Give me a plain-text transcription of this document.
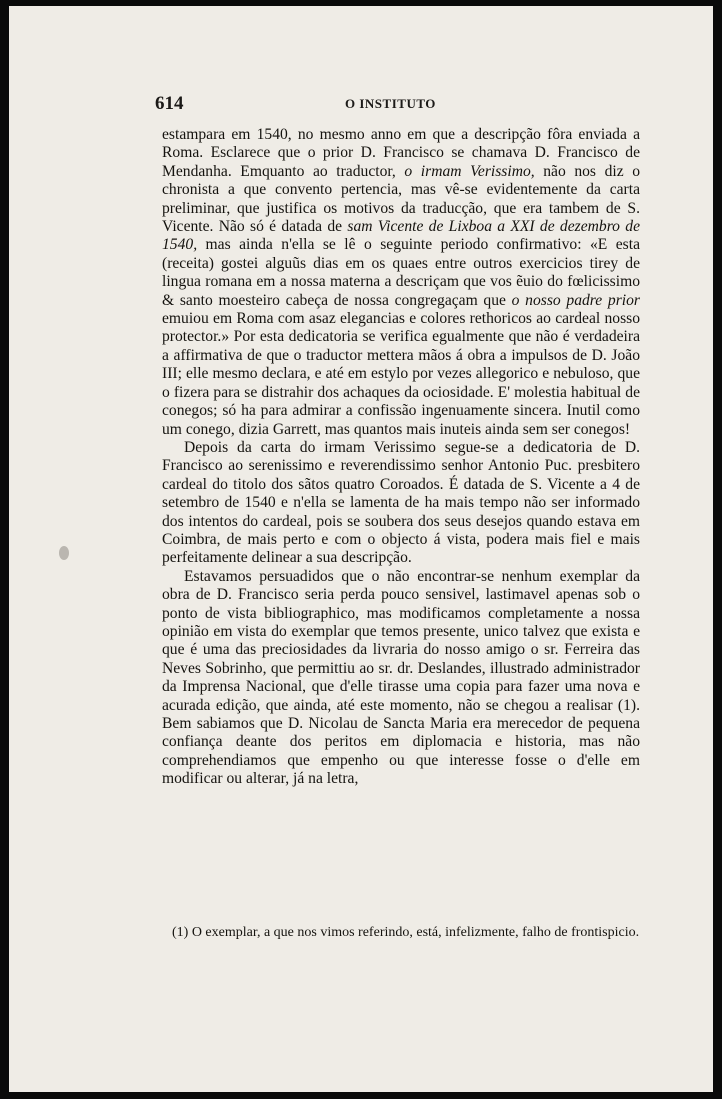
614	O INSTITUTO

estampara em 1540, no mesmo anno em que a descripção fôra enviada a Roma. Esclarece que o prior D. Francisco se chamava D. Francisco de Mendanha. Emquanto ao traductor, o irmam Verissimo, não nos diz o chronista a que convento pertencia, mas vê-se evidentemente da carta preliminar, que justifica os motivos da traducção, que era tambem de S. Vicente. Não só é datada de sam Vicente de Lixboa a XXI de dezembro de 1540, mas ainda n'ella se lê o seguinte periodo confirmativo: «E esta (receita) gostei alguũs dias em os quaes entre outros exercicios tirey de lingua romana em a nossa materna a descriçam que vos ẽuio do fœlicissimo & santo moesteiro cabeça de nossa congregaçam que o nosso padre prior emuiou em Roma com asaz elegancias e colores rethoricos ao cardeal nosso protector.» Por esta dedicatoria se verifica egualmente que não é verdadeira a affirmativa de que o traductor mettera mãos á obra a impulsos de D. João III; elle mesmo declara, e até em estylo por vezes allegorico e nebuloso, que o fizera para se distrahir dos achaques da ociosidade. E' molestia habitual de conegos; só ha para admirar a confissão ingenuamente sincera. Inutil como um conego, dizia Garrett, mas quantos mais inuteis ainda sem ser conegos!

Depois da carta do irmam Verissimo segue-se a dedicatoria de D. Francisco ao serenissimo e reverendissimo senhor Antonio Puc. presbitero cardeal do titolo dos sãtos quatro Coroados. É datada de S. Vicente a 4 de setembro de 1540 e n'ella se lamenta de ha mais tempo não ser informado dos intentos do cardeal, pois se soubera dos seus desejos quando estava em Coimbra, de mais perto e com o objecto á vista, podera mais fiel e mais perfeitamente delinear a sua descripção.

Estavamos persuadidos que o não encontrar-se nenhum exemplar da obra de D. Francisco seria perda pouco sensivel, lastimavel apenas sob o ponto de vista bibliographico, mas modificamos completamente a nossa opinião em vista do exemplar que temos presente, unico talvez que exista e que é uma das preciosidades da livraria do nosso amigo o sr. Ferreira das Neves Sobrinho, que permittiu ao sr. dr. Deslandes, illustrado administrador da Imprensa Nacional, que d'elle tirasse uma copia para fazer uma nova e acurada edição, que ainda, até este momento, não se chegou a realisar (1). Bem sabiamos que D. Nicolau de Sancta Maria era merecedor de pequena confiança deante dos peritos em diplomacia e historia, mas não comprehendiamos que empenho ou que interesse fosse o d'elle em modificar ou alterar, já na letra,

(1) O exemplar, a que nos vimos referindo, está, infelizmente, falho de frontispicio.
